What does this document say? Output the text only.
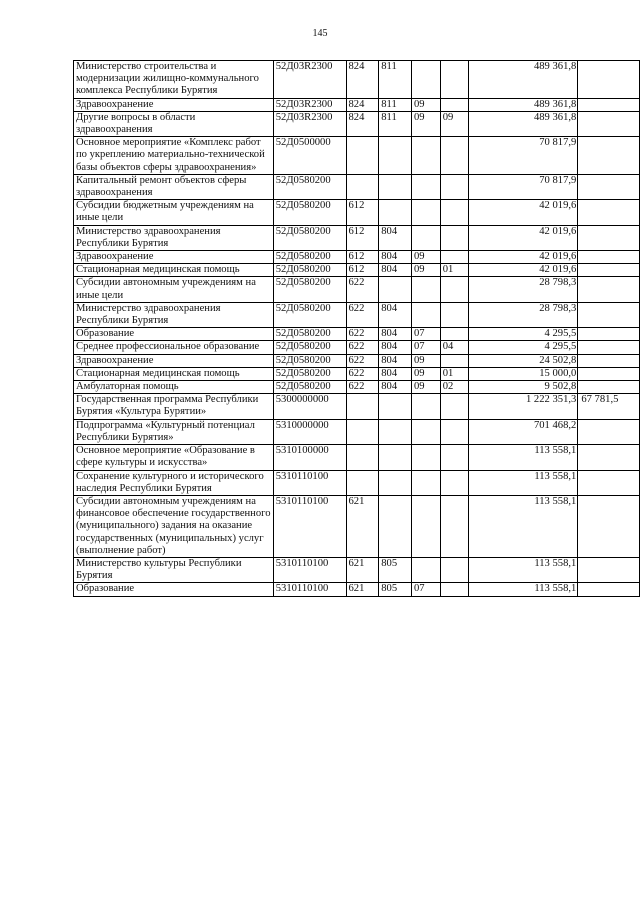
145
Министерство строительства и модернизации жилищно-коммунального комплекса Республики Бурятия	52Д03R2300	824	811			489 361,8	
Здравоохранение	52Д03R2300	824	811	09		489 361,8	
Другие вопросы в области здравоохранения	52Д03R2300	824	811	09	09	489 361,8	
Основное мероприятие «Комплекс работ по укреплению материально-технической базы объектов сферы здравоохранения»	52Д0500000					70 817,9	
Капитальный ремонт объектов сферы здравоохранения	52Д0580200					70 817,9	
Субсидии бюджетным учреждениям на иные цели	52Д0580200	612				42 019,6	
Министерство здравоохранения Республики Бурятия	52Д0580200	612	804			42 019,6	
Здравоохранение	52Д0580200	612	804	09		42 019,6	
Стационарная медицинская помощь	52Д0580200	612	804	09	01	42 019,6	
Субсидии автономным учреждениям на иные цели	52Д0580200	622				28 798,3	
Министерство здравоохранения Республики Бурятия	52Д0580200	622	804			28 798,3	
Образование	52Д0580200	622	804	07		4 295,5	
Среднее профессиональное образование	52Д0580200	622	804	07	04	4 295,5	
Здравоохранение	52Д0580200	622	804	09		24 502,8	
Стационарная медицинская помощь	52Д0580200	622	804	09	01	15 000,0	
Амбулаторная помощь	52Д0580200	622	804	09	02	9 502,8	
Государственная программа Республики Бурятия «Культура Бурятии»	5300000000					1 222 351,3	67 781,5
Подпрограмма «Культурный потенциал Республики Бурятия»	5310000000					701 468,2	
Основное мероприятие «Образование в сфере культуры и искусства»	5310100000					113 558,1	
Сохранение культурного и исторического наследия Республики Бурятия	5310110100					113 558,1	
Субсидии автономным учреждениям на финансовое обеспечение государственного (муниципального) задания на оказание государственных (муниципальных) услуг (выполнение работ)	5310110100	621				113 558,1	
Министерство культуры Республики Бурятия	5310110100	621	805			113 558,1	
Образование	5310110100	621	805	07		113 558,1	
